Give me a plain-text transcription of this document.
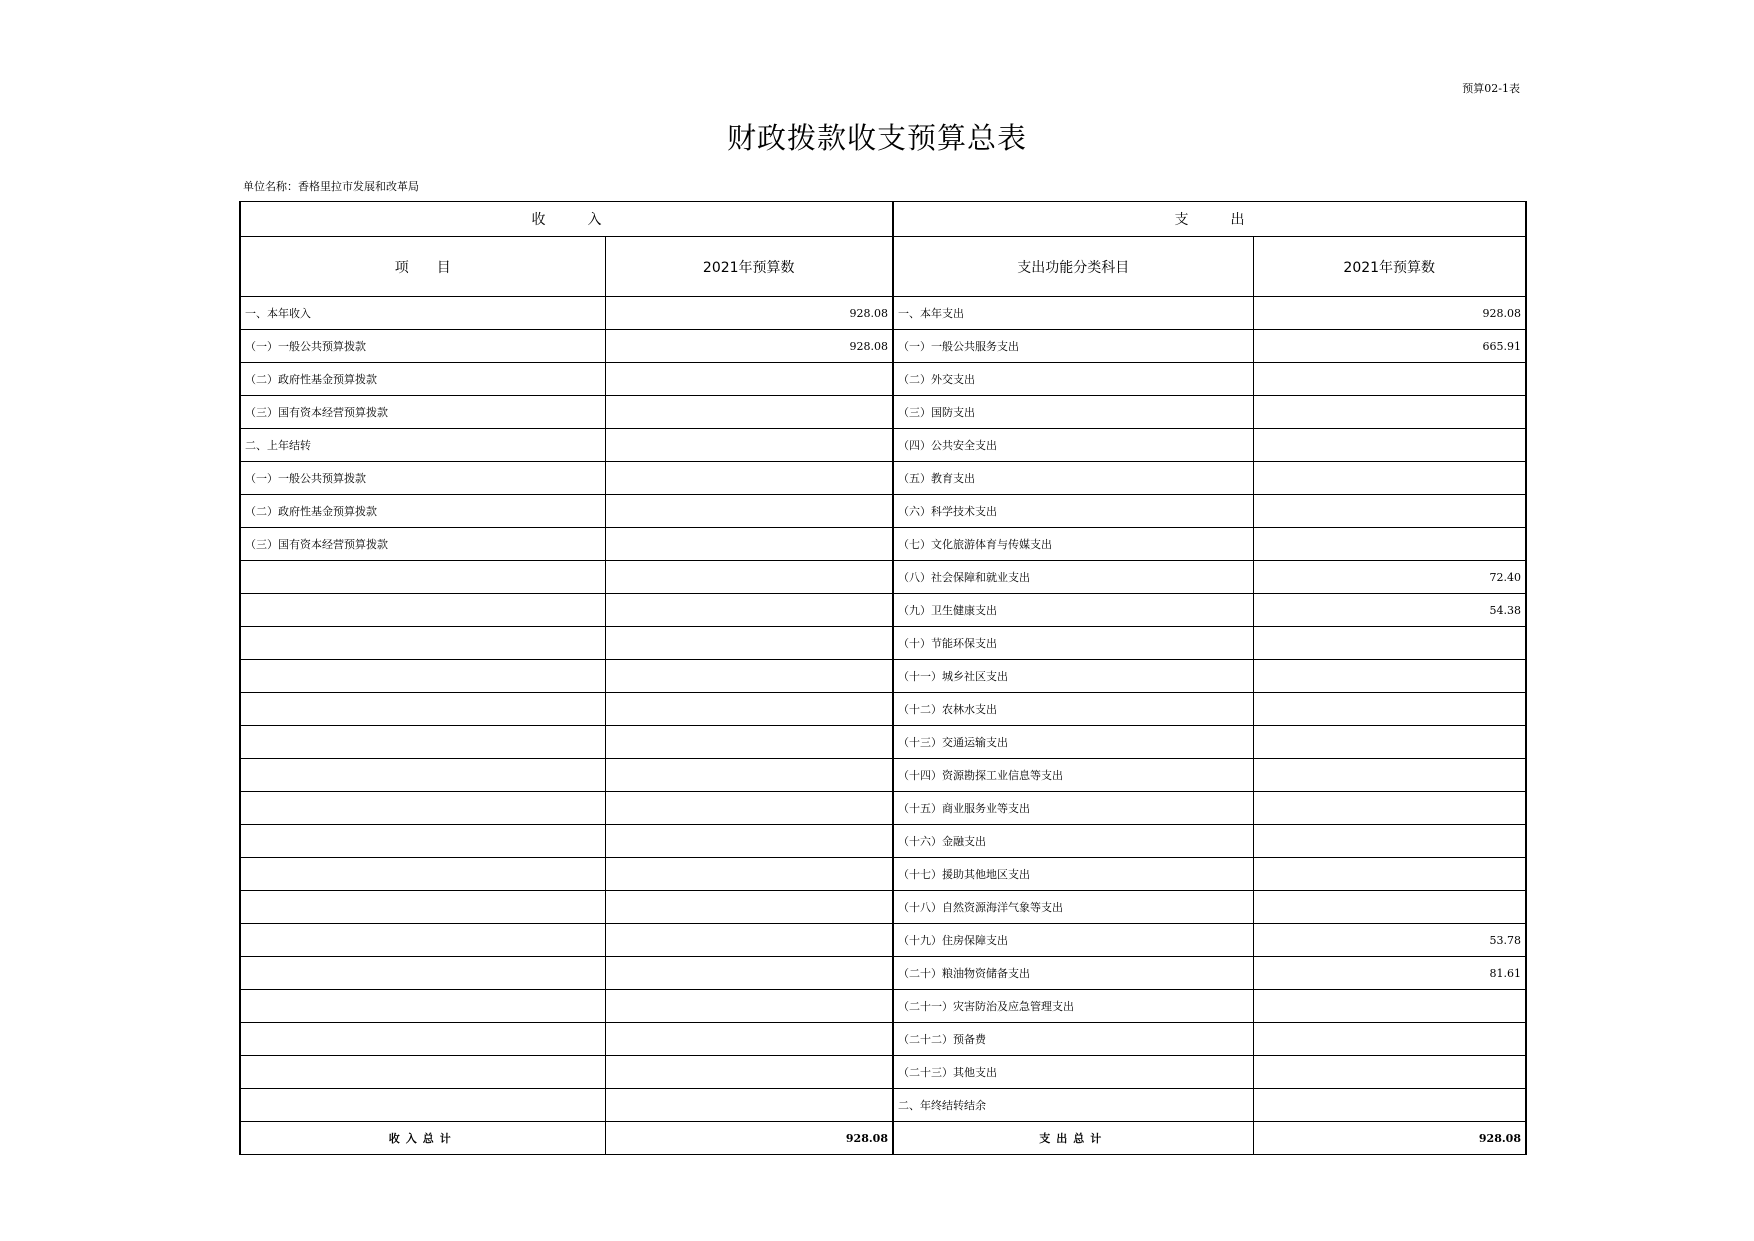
预算02-1表
财政拨款收支预算总表
单位名称：香格里拉市发展和改革局
收　　　入		支　　　出	
项　　目	2021年预算数	支出功能分类科目	2021年预算数
一、本年收入	928.08	一、本年支出	928.08
（一）一般公共预算拨款	928.08	（一）一般公共服务支出	665.91
（二）政府性基金预算拨款		（二）外交支出	
（三）国有资本经营预算拨款		（三）国防支出	
二、上年结转		（四）公共安全支出	
（一）一般公共预算拨款		（五）教育支出	
（二）政府性基金预算拨款		（六）科学技术支出	
（三）国有资本经营预算拨款		（七）文化旅游体育与传媒支出	
		（八）社会保障和就业支出	72.40
		（九）卫生健康支出	54.38
		（十）节能环保支出	
		（十一）城乡社区支出	
		（十二）农林水支出	
		（十三）交通运输支出	
		（十四）资源勘探工业信息等支出	
		（十五）商业服务业等支出	
		（十六）金融支出	
		（十七）援助其他地区支出	
		（十八）自然资源海洋气象等支出	
		（十九）住房保障支出	53.78
		（二十）粮油物资储备支出	81.61
		（二十一）灾害防治及应急管理支出	
		（二十二）预备费	
		（二十三）其他支出	
		二、年终结转结余	
收入总计	928.08	支出总计	928.08
